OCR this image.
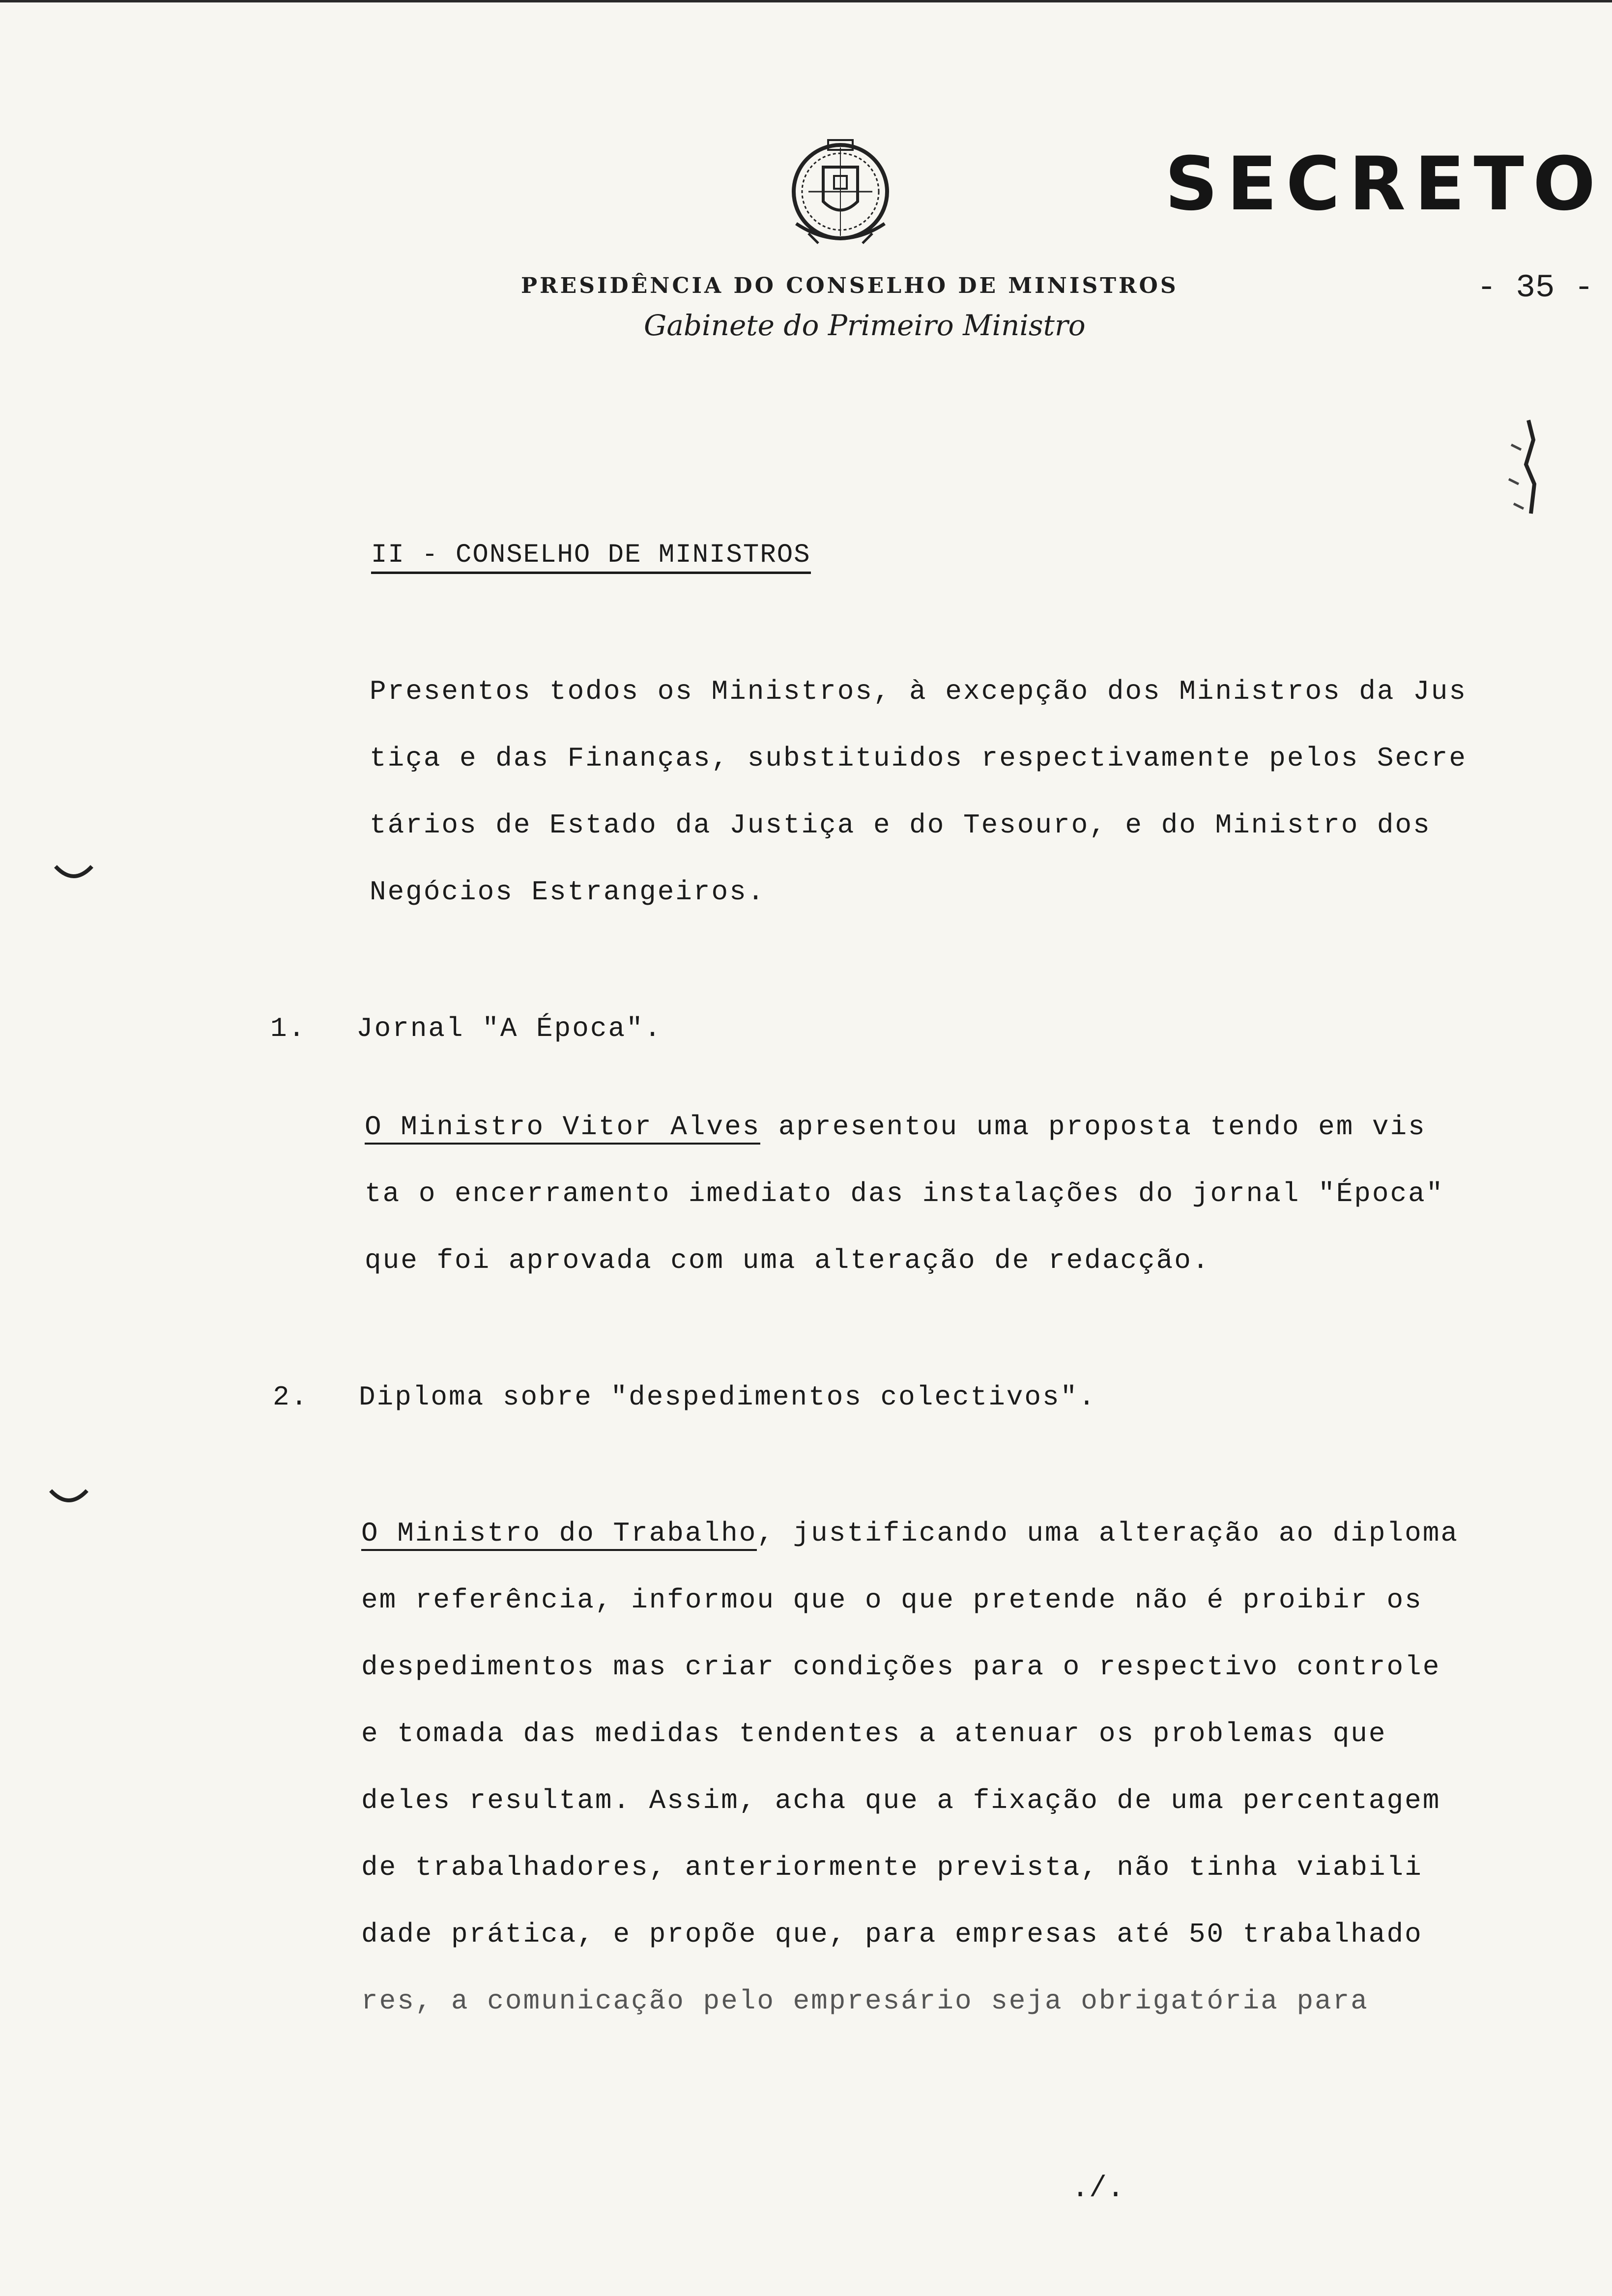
SECRETO
PRESIDÊNCIA DO CONSELHO DE MINISTROS
Gabinete do Primeiro Ministro
- 35 -
II - CONSELHO DE MINISTROS
Presentos todos os Ministros, à excepção dos Ministros da Jus
tiça e das Finanças, substituidos respectivamente pelos Secre
tários de Estado da Justiça e do Tesouro, e do Ministro dos
Negócios Estrangeiros.
1. Jornal "A Época".
O Ministro Vitor Alves apresentou uma proposta tendo em vis
ta o encerramento imediato das instalações do jornal "Época"
que foi aprovada com uma alteração de redacção.
2. Diploma sobre "despedimentos colectivos".
O Ministro do Trabalho, justificando uma alteração ao diploma
em referência, informou que o que pretende não é proibir os
despedimentos mas criar condições para o respectivo controle
e tomada das medidas tendentes a atenuar os problemas que
deles resultam. Assim, acha que a fixação de uma percentagem
de trabalhadores, anteriormente prevista, não tinha viabili
dade prática, e propõe que, para empresas até 50 trabalhado
res, a comunicação pelo empresário seja obrigatória para
./.
